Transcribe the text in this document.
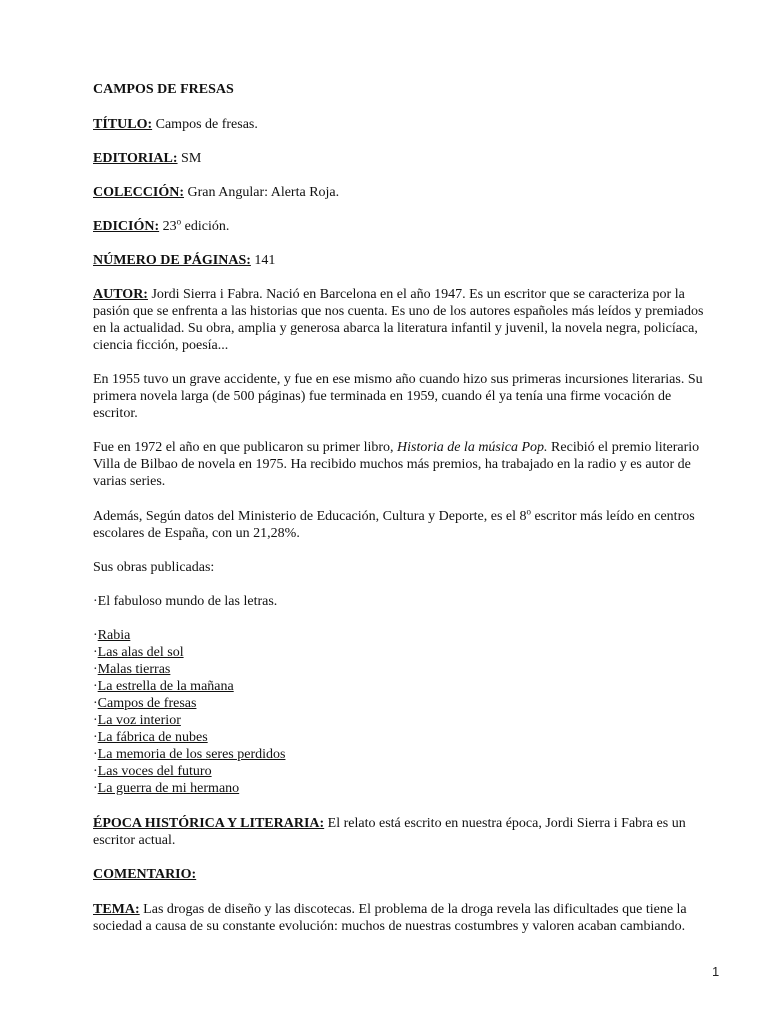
CAMPOS DE FRESAS
TÍTULO: Campos de fresas.
EDITORIAL: SM
COLECCIÓN: Gran Angular: Alerta Roja.
EDICIÓN: 23$^o$ edición.
NÚMERO DE PÁGINAS: 141
AUTOR: Jordi Sierra i Fabra. Nació en Barcelona en el año 1947. Es un escritor que se caracteriza por la pasión que se enfrenta a las historias que nos cuenta. Es uno de los autores españoles más leídos y premiados en la actualidad. Su obra, amplia y generosa abarca la literatura infantil y juvenil, la novela negra, policíaca, ciencia ficción, poesía...
En 1955 tuvo un grave accidente, y fue en ese mismo año cuando hizo sus primeras incursiones literarias. Su primera novela larga (de 500 páginas) fue terminada en 1959, cuando él ya tenía una firme vocación de escritor.
Fue en 1972 el año en que publicaron su primer libro, Historia de la música Pop. Recibió el premio literario Villa de Bilbao de novela en 1975. Ha recibido muchos más premios, ha trabajado en la radio y es autor de varias series.
Además, Según datos del Ministerio de Educación, Cultura y Deporte, es el 8$^o$ escritor más leído en centros escolares de España, con un 21,28%.
Sus obras publicadas:
·El fabuloso mundo de las letras.
·Rabia
·Las alas del sol
·Malas tierras
·La estrella de la mañana
·Campos de fresas
·La voz interior
·La fábrica de nubes
·La memoria de los seres perdidos
·Las voces del futuro
·La guerra de mi hermano
ÉPOCA HISTÓRICA Y LITERARIA: El relato está escrito en nuestra época, Jordi Sierra i Fabra es un escritor actual.
COMENTARIO:
TEMA: Las drogas de diseño y las discotecas. El problema de la droga revela las dificultades que tiene la sociedad a causa de su constante evolución: muchos de nuestras costumbres y valoren acaban cambiando.
1
